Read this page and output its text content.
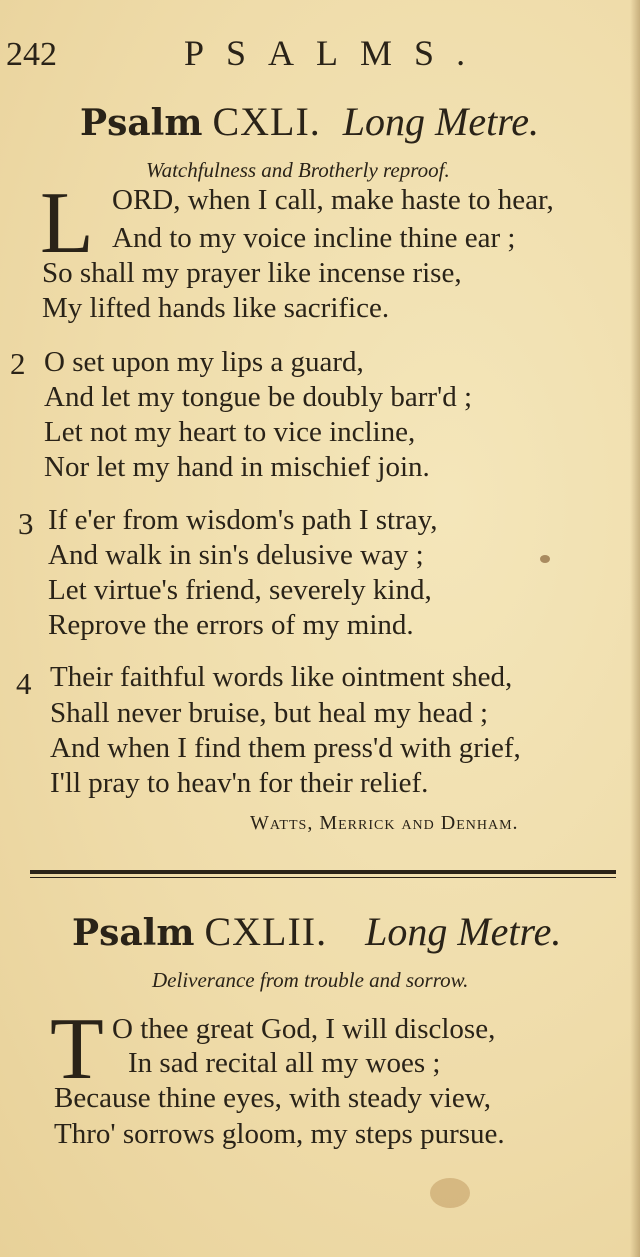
242	PSALMS.
Psalm CXLI. Long Metre.
Watchfulness and Brotherly reproof.
L ORD, when I call, make haste to hear,
And to my voice incline thine ear ;
So shall my prayer like incense rise,
My lifted hands like sacrifice.
2 O set upon my lips a guard,
And let my tongue be doubly barr'd ;
Let not my heart to vice incline,
Nor let my hand in mischief join.
3 If e'er from wisdom's path I stray,
And walk in sin's delusive way ;
Let virtue's friend, severely kind,
Reprove the errors of my mind.
4 Their faithful words like ointment shed,
Shall never bruise, but heal my head ;
And when I find them press'd with grief,
I'll pray to heav'n for their relief.
Watts, Merrick and Denham.
Psalm CXLII. Long Metre.
Deliverance from trouble and sorrow.
T O thee great God, I will disclose,
In sad recital all my woes ;
Because thine eyes, with steady view,
Thro' sorrows gloom, my steps pursue.
